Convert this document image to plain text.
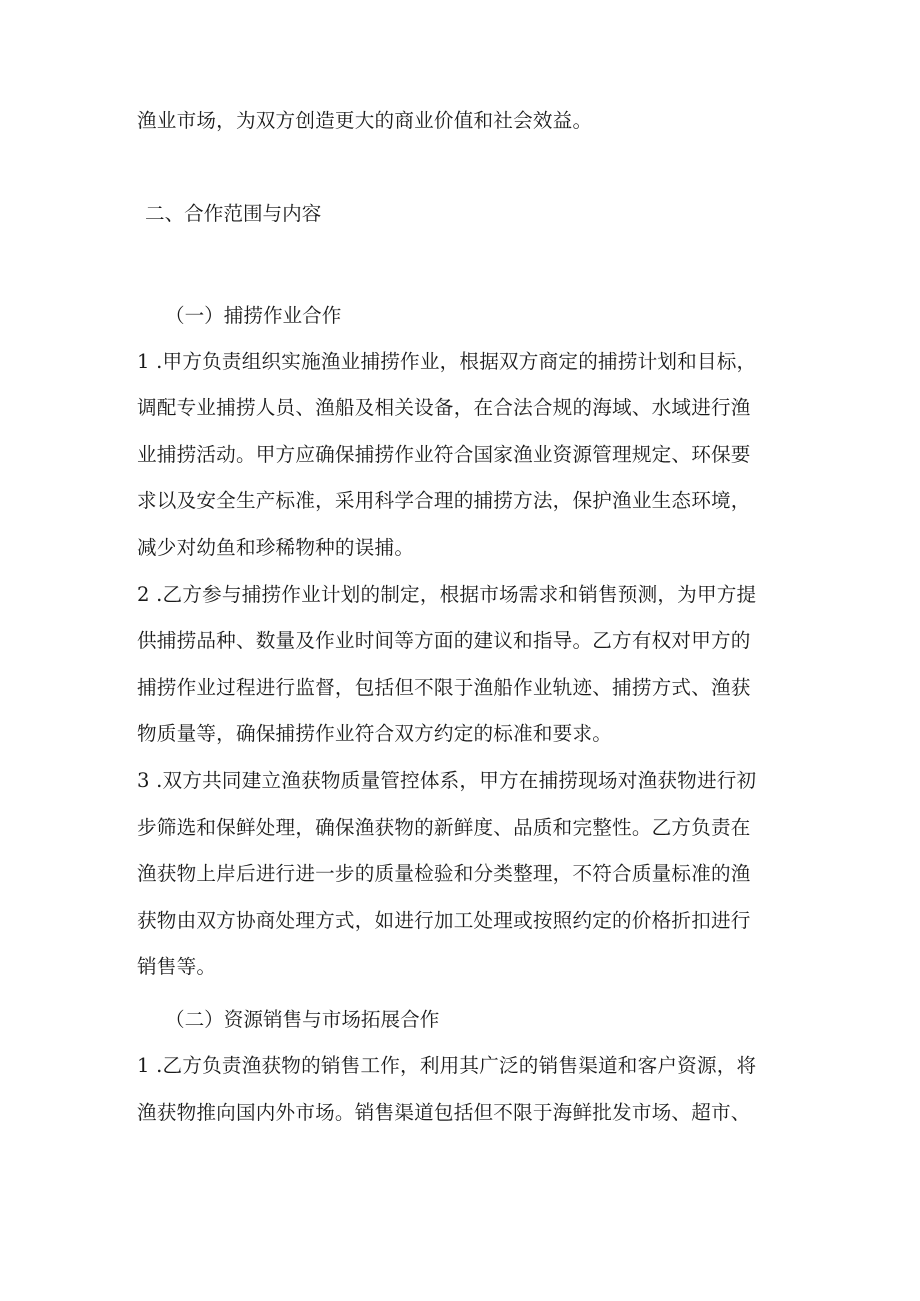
渔业市场，为双方创造更大的商业价值和社会效益。
二、合作范围与内容
（一）捕捞作业合作
1 .甲方负责组织实施渔业捕捞作业，根据双方商定的捕捞计划和目标，
调配专业捕捞人员、渔船及相关设备，在合法合规的海域、水域进行渔
业捕捞活动。甲方应确保捕捞作业符合国家渔业资源管理规定、环保要
求以及安全生产标准，采用科学合理的捕捞方法，保护渔业生态环境，
减少对幼鱼和珍稀物种的误捕。
2 .乙方参与捕捞作业计划的制定，根据市场需求和销售预测，为甲方提
供捕捞品种、数量及作业时间等方面的建议和指导。乙方有权对甲方的
捕捞作业过程进行监督，包括但不限于渔船作业轨迹、捕捞方式、渔获
物质量等，确保捕捞作业符合双方约定的标准和要求。
3 .双方共同建立渔获物质量管控体系，甲方在捕捞现场对渔获物进行初
步筛选和保鲜处理，确保渔获物的新鲜度、品质和完整性。乙方负责在
渔获物上岸后进行进一步的质量检验和分类整理，不符合质量标准的渔
获物由双方协商处理方式，如进行加工处理或按照约定的价格折扣进行
销售等。
（二）资源销售与市场拓展合作
1 .乙方负责渔获物的销售工作，利用其广泛的销售渠道和客户资源，将
渔获物推向国内外市场。销售渠道包括但不限于海鲜批发市场、超市、
